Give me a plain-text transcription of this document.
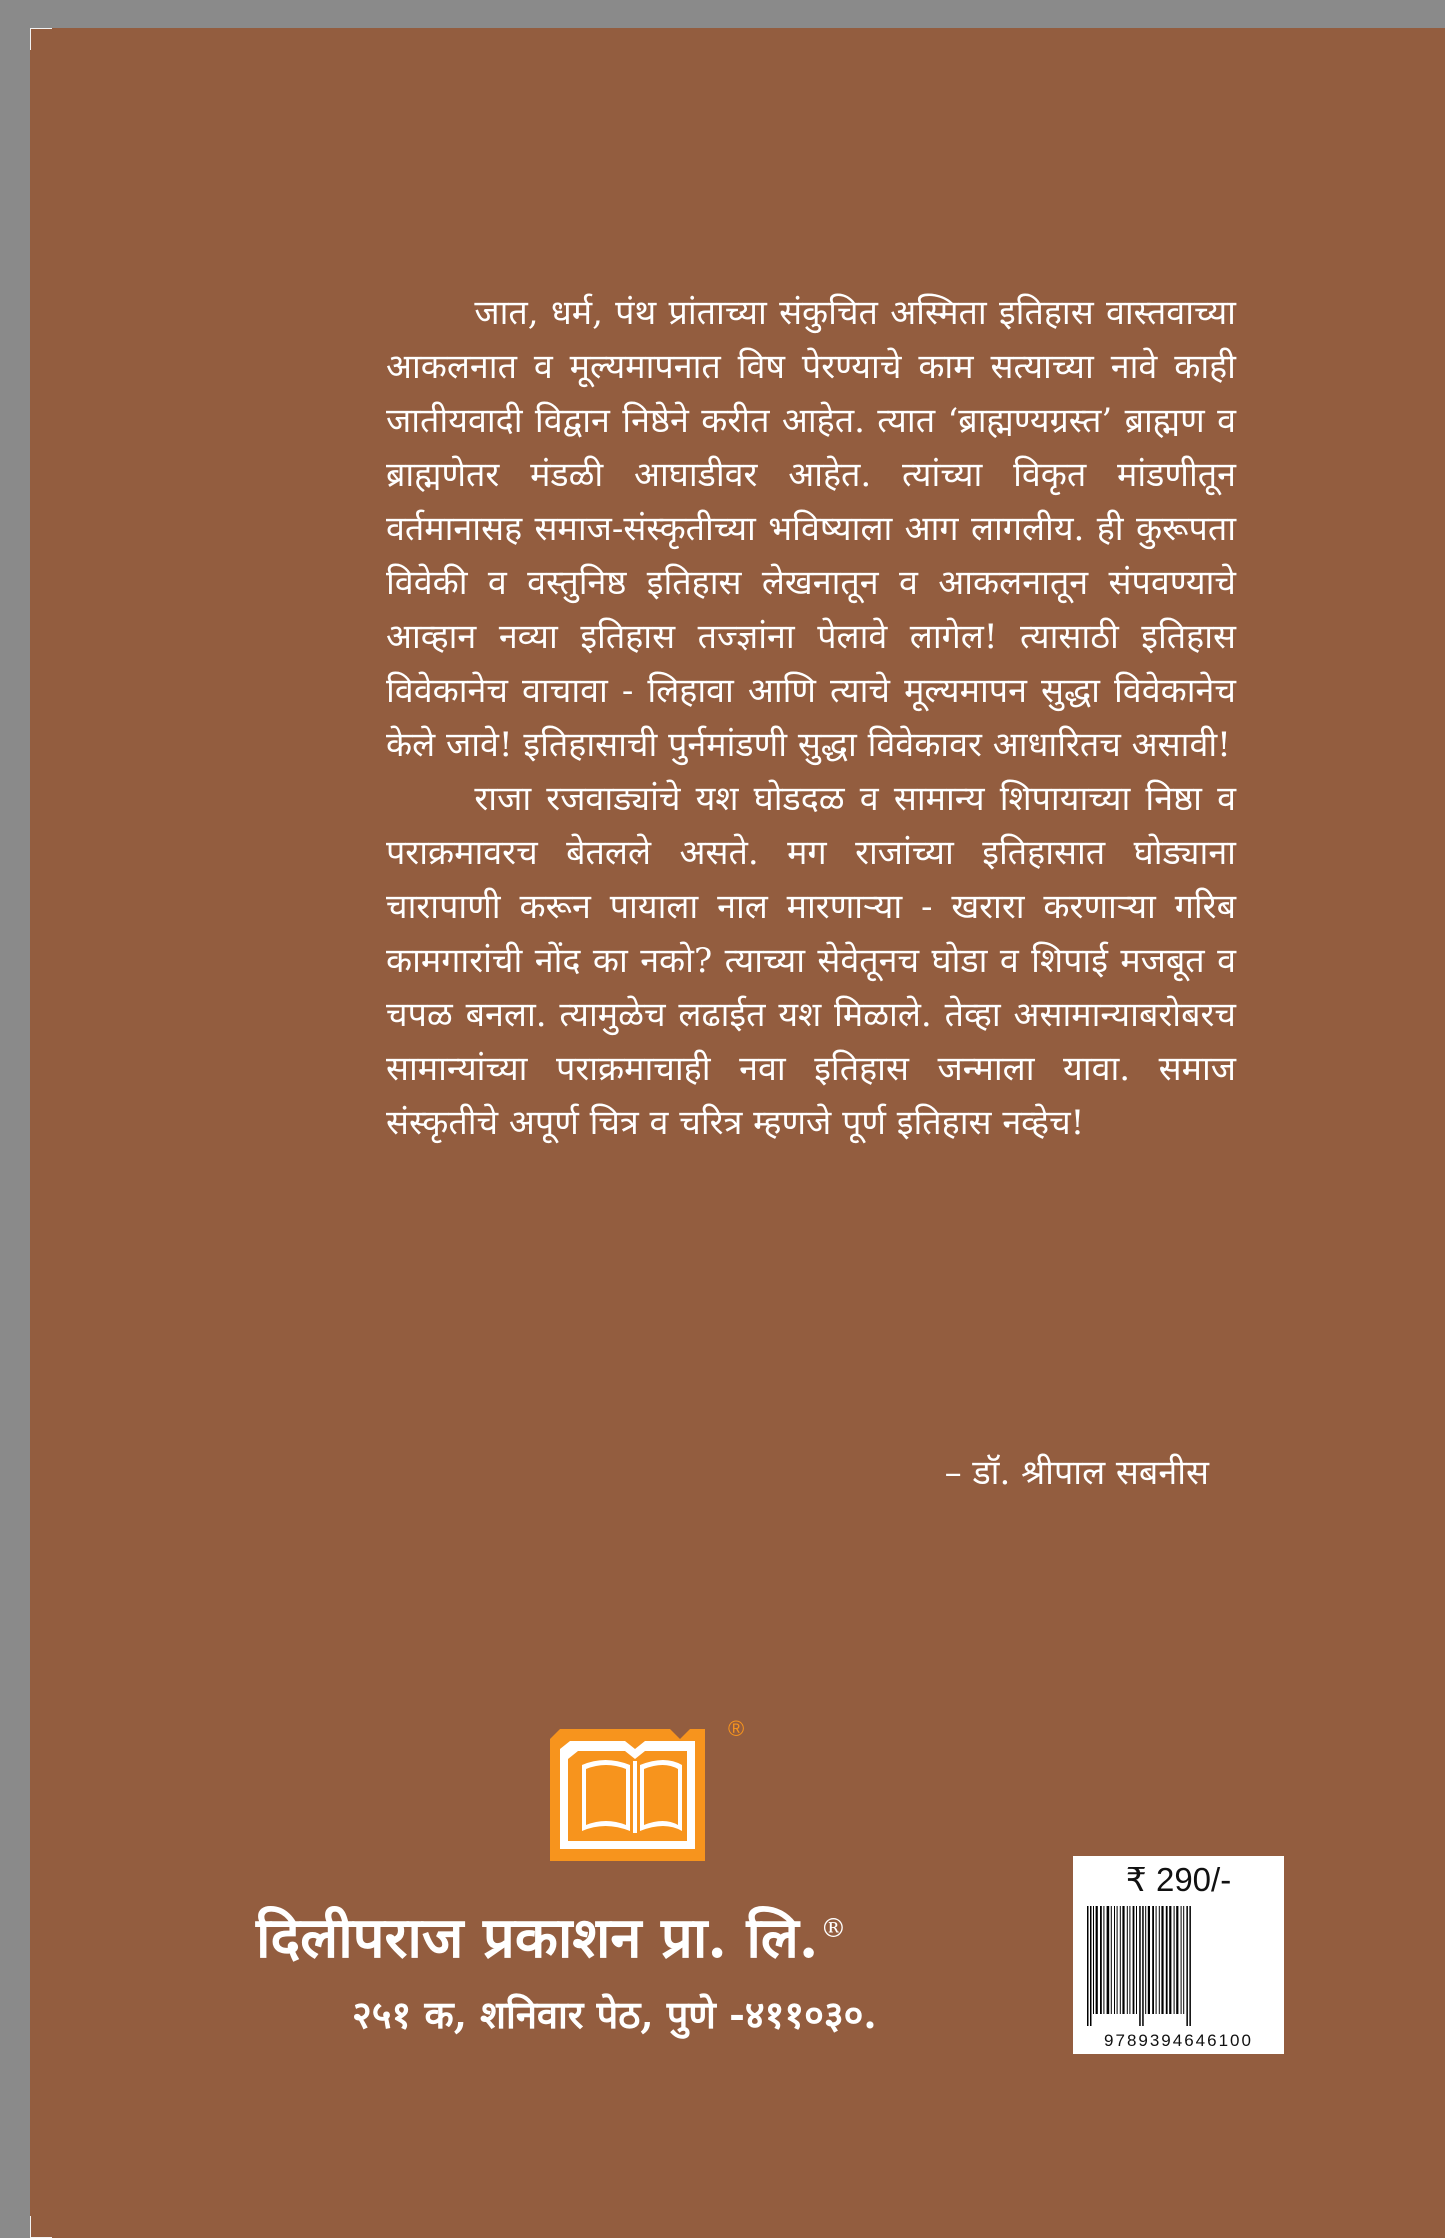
जात, धर्म, पंथ प्रांताच्या संकुचित अस्मिता इतिहास वास्तवाच्या आकलनात व मूल्यमापनात विष पेरण्याचे काम सत्याच्या नावे काही जातीयवादी विद्वान निष्ठेने करीत आहेत. त्यात ‘ब्राह्मण्यग्रस्त’ ब्राह्मण व ब्राह्मणेतर मंडळी आघाडीवर आहेत. त्यांच्या विकृत मांडणीतून वर्तमानासह समाज-संस्कृतीच्या भविष्याला आग लागलीय. ही कुरूपता विवेकी व वस्तुनिष्ठ इतिहास लेखनातून व आकलनातून संपवण्याचे आव्हान नव्या इतिहास तज्ज्ञांना पेलावे लागेल! त्यासाठी इतिहास विवेकानेच वाचावा - लिहावा आणि त्याचे मूल्यमापन सुद्धा विवेकानेच केले जावे! इतिहासाची पुर्नमांडणी सुद्धा विवेकावर आधारितच असावी!

राजा रजवाड्यांचे यश घोडदळ व सामान्य शिपायाच्या निष्ठा व पराक्रमावरच बेतलले असते. मग राजांच्या इतिहासात घोड्याना चारापाणी करून पायाला नाल मारणाऱ्या - खरारा करणाऱ्या गरिब कामगारांची नोंद का नको? त्याच्या सेवेतूनच घोडा व शिपाई मजबूत व चपळ बनला. त्यामुळेच लढाईत यश मिळाले. तेव्हा असामान्याबरोबरच सामान्यांच्या पराक्रमाचाही नवा इतिहास जन्माला यावा. समाज संस्कृतीचे अपूर्ण चित्र व चरित्र म्हणजे पूर्ण इतिहास नव्हेच!

– डॉ. श्रीपाल सबनीस
®
दिलीपराज प्रकाशन प्रा. लि.®
२५१ क, शनिवार पेठ, पुणे -४११०३०.
₹ 290/-
9789394646100
